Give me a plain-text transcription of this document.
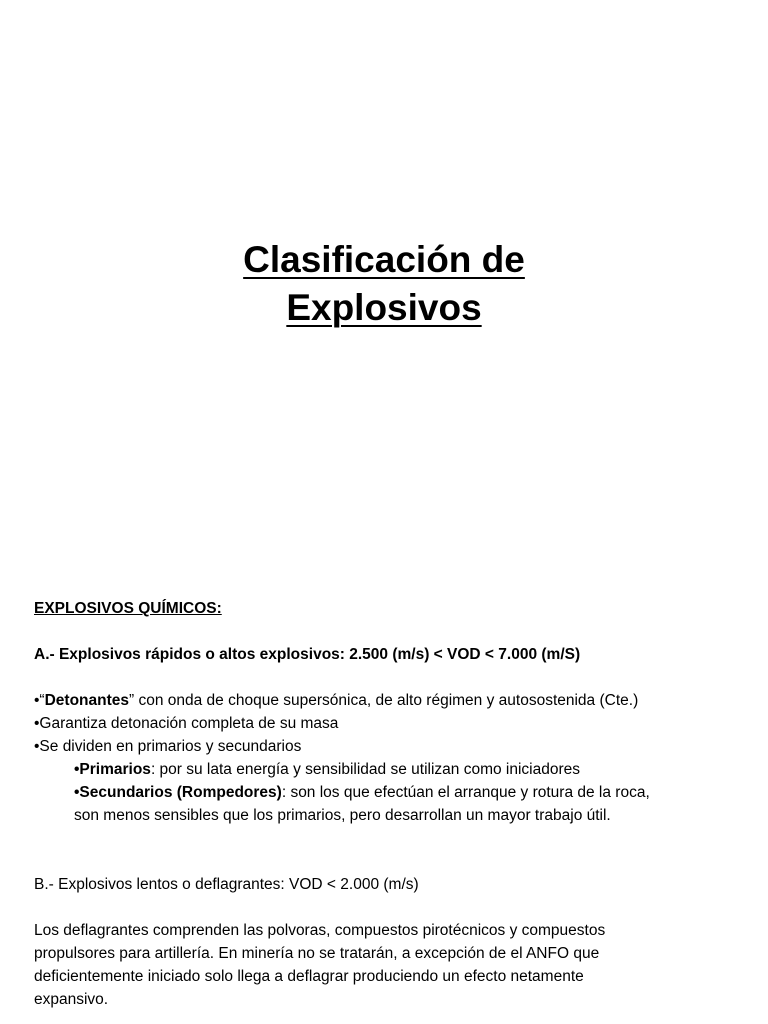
Clasificación de
Explosivos

EXPLOSIVOS QUÍMICOS:

A.- Explosivos rápidos o altos explosivos: 2.500 (m/s) < VOD < 7.000 (m/S)

•“Detonantes” con onda de choque supersónica, de alto régimen y autosostenida (Cte.)

•Garantiza detonación completa de su masa

•Se dividen en primarios y secundarios

•Primarios: por su lata energía y sensibilidad se utilizan como iniciadores

•Secundarios (Rompedores): son los que efectúan el arranque y rotura de la roca,

son menos sensibles que los primarios, pero desarrollan un mayor trabajo útil.

B.- Explosivos lentos o deflagrantes: VOD < 2.000 (m/s)

Los deflagrantes comprenden las polvoras, compuestos pirotécnicos y compuestos

propulsores para artillería. En minería no se tratarán, a excepción de el ANFO que

deficientemente iniciado solo llega a deflagrar produciendo un efecto netamente

expansivo.
